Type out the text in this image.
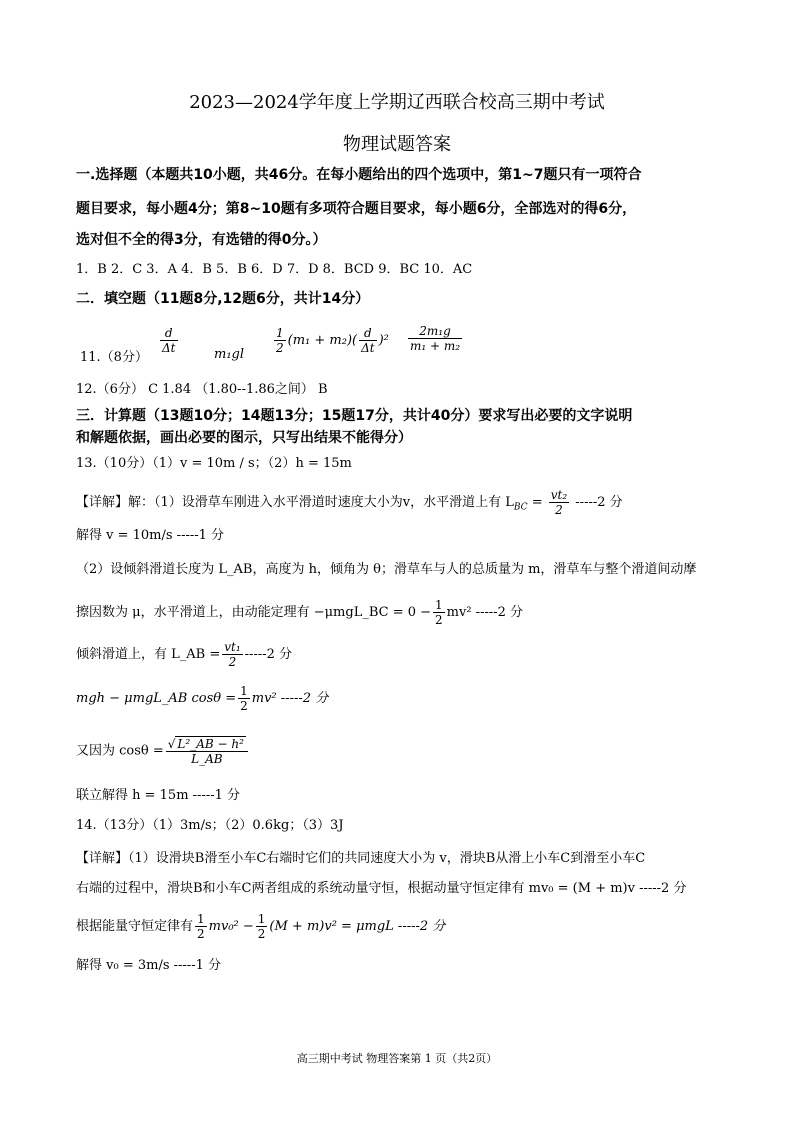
2023—2024学年度上学期辽西联合校高三期中考试
物理试题答案
一.选择题（本题共10小题，共46分。在每小题给出的四个选项中，第1~7题只有一项符合
题目要求，每小题4分；第8~10题有多项符合题目要求，每小题6分，全部选对的得6分，
选对但不全的得3分，有选错的得0分。）
1．B 2．C 3．A 4．B 5．B 6．D 7．D 8．BCD 9．BC 10．AC
二．填空题（11题8分,12题6分，共计14分）
11.（8分）
$\frac{d}{\Delta t}$	$m_1gl \frac{1}{2} (m_1 + m_2)( \frac{d}{\Delta t} )^2 \frac{\text{2m₁g}}{\text{m₁ + m₂}}$
12.（6分） C 1.84 （1.80--1.86之间） B
三．计算题（13题10分；14题13分；15题17分，共计40分）要求写出必要的文字说明
和解题依据，画出必要的图示，只写出结果不能得分）
13.（10分）（1）v = 10m / s；（2）h = 15m
【详解】解：（1）设滑草车刚进入水平滑道时速度大小为v，水平滑道上有 $L_{BC} = \frac{\text{vt₂}}{2} -----2$ 分
解得 v = 10m/s -----1 分
（2）设倾斜滑道长度为 L_AB，高度为 h，倾角为 θ；滑草车与人的总质量为 m，滑草车与整个滑道间动摩
擦因数为 μ，水平滑道上，由动能定理有 −μmgL_BC = $0 - \frac{1}{2} mv^2$ -----2 分
倾斜滑道上，有 L_AB = $\frac{\text{vt₁}}{2} -----2$ 分
mgh − μmgL_AB $\cos\theta = \frac{1}{2} mv^2$ -----2 分
又因为 $\cos\theta = \frac{\text{√ L²\_AB − h²}}{L\_AB}$
联立解得 h = 15m -----1 分
14.（13分）（1）3m/s；（2）0.6kg；（3）3J
【详解】（1）设滑块B滑至小车C右端时它们的共同速度大小为 v，滑块B从滑上小车C到滑至小车C
右端的过程中，滑块B和小车C两者组成的系统动量守恒，根据动量守恒定律有 mv₀ = (M + m)v -----2 分
根据能量守恒定律有 $\frac{1}{2} mv_0^2 - \frac{1}{2} (M + m)v^2 = \mu mgL$ -----2 分
解得 v₀ = 3m/s -----1 分
高三期中考试 物理答案第 1 页（共2页）
